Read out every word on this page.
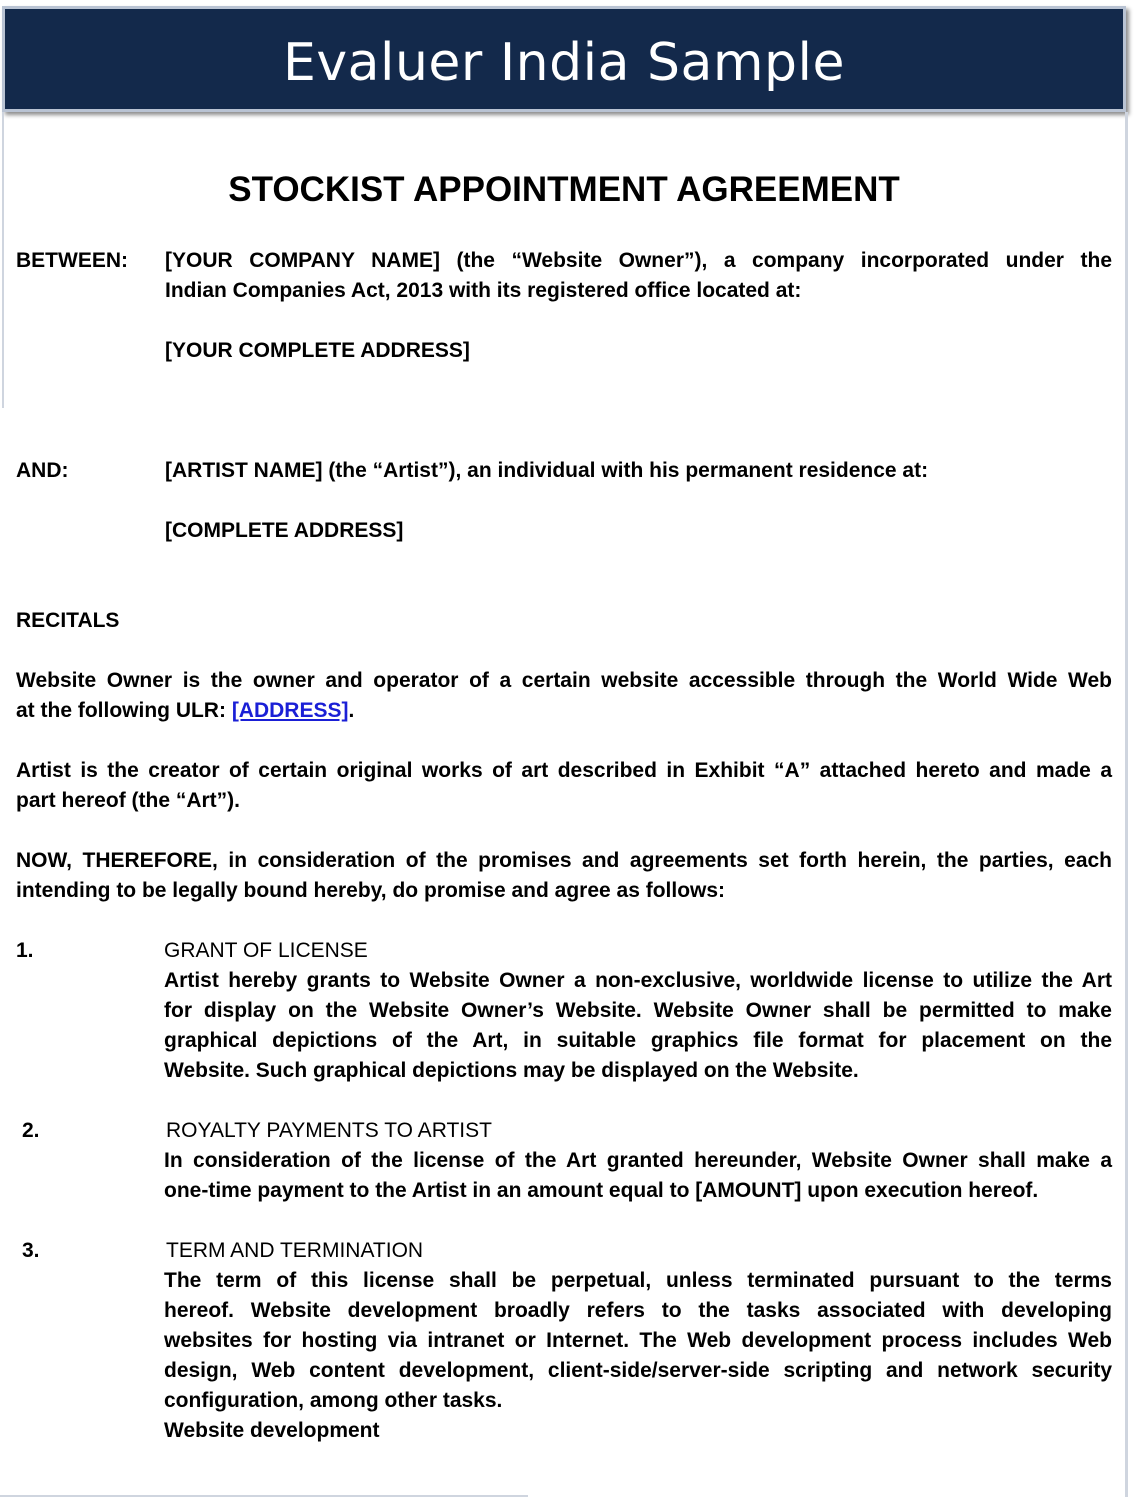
Evaluer India Sample
STOCKIST APPOINTMENT AGREEMENT
BETWEEN: [YOUR COMPANY NAME] (the “Website Owner”), a company incorporated under the
Indian Companies Act, 2013 with its registered office located at:
[YOUR COMPLETE ADDRESS]
AND:	[ARTIST NAME] (the “Artist”), an individual with his permanent residence at:
[COMPLETE ADDRESS]
RECITALS
Website Owner is the owner and operator of a certain website accessible through the World Wide Web
at the following ULR: [ADDRESS].
Artist is the creator of certain original works of art described in Exhibit “A” attached hereto and made a
part hereof (the “Art”).
NOW, THEREFORE, in consideration of the promises and agreements set forth herein, the parties, each
intending to be legally bound hereby, do promise and agree as follows:
1.	GRANT OF LICENSE
Artist hereby grants to Website Owner a non-exclusive, worldwide license to utilize the Art
for display on the Website Owner’s Website. Website Owner shall be permitted to make
graphical depictions of the Art, in suitable graphics file format for placement on the
Website. Such graphical depictions may be displayed on the Website.
2.	ROYALTY PAYMENTS TO ARTIST
In consideration of the license of the Art granted hereunder, Website Owner shall make a
one-time payment to the Artist in an amount equal to [AMOUNT] upon execution hereof.
3.	TERM AND TERMINATION
The term of this license shall be perpetual, unless terminated pursuant to the terms
hereof. Website development broadly refers to the tasks associated with developing
websites for hosting via intranet or Internet. The Web development process includes Web
design, Web content development, client-side/server-side scripting and network security
configuration, among other tasks.
Website development
